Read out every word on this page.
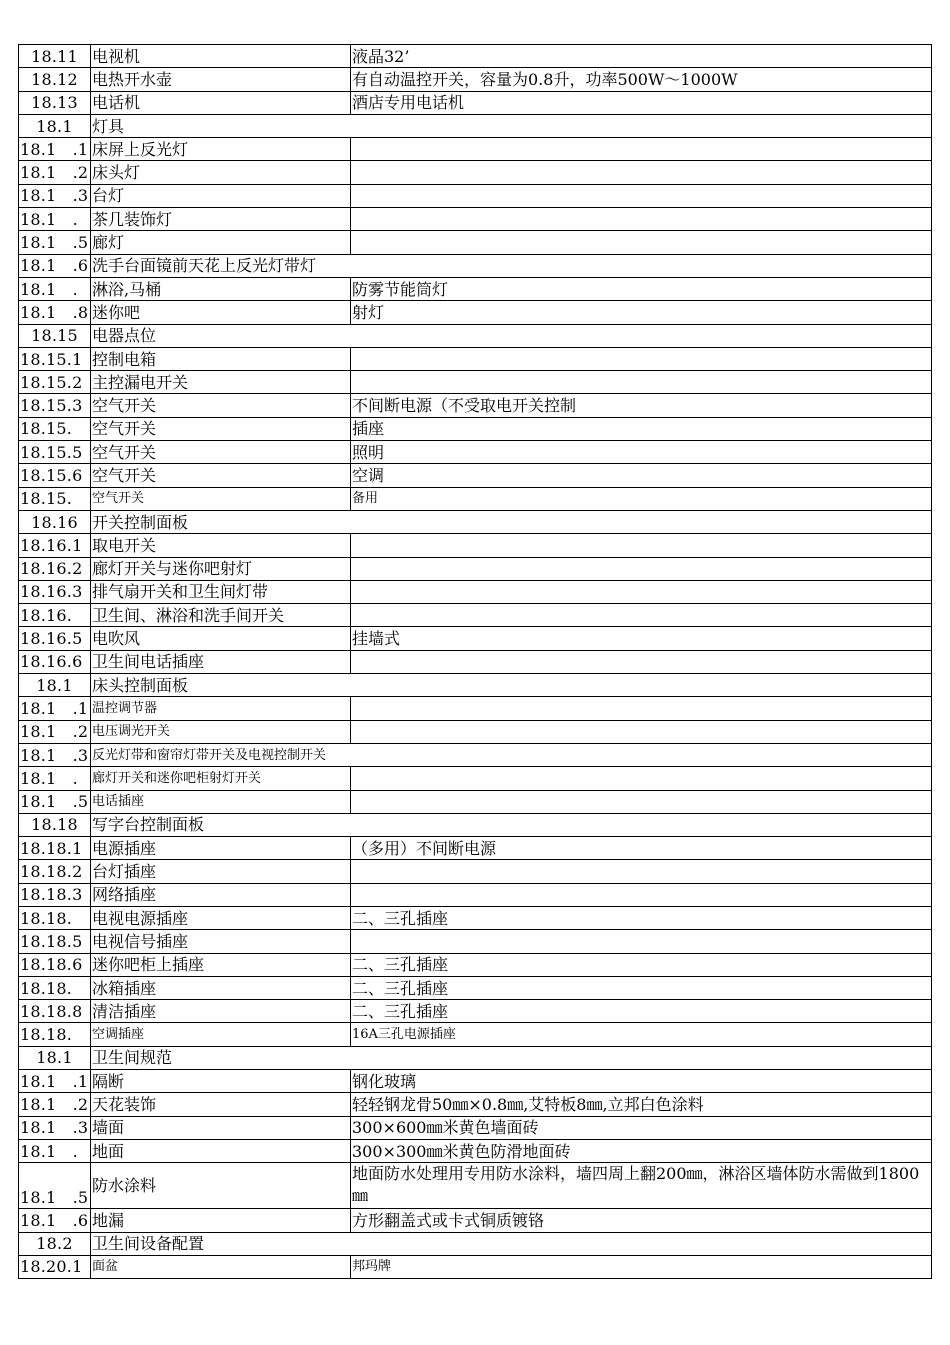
18.11	电视机	液晶32’
18.12	电热开水壶	有自动温控开关，容量为0.8升，功率500W～1000W
18.13	电话机	酒店专用电话机
18.1	灯具	
18.1　.1	床屏上反光灯	
18.1　.2	床头灯	
18.1　.3	台灯	
18.1　.	茶几装饰灯	
18.1　.5	廊灯	
18.1　.6	洗手台面镜前天花上反光灯带灯	
18.1　.	淋浴,马桶	防雾节能筒灯
18.1　.8	迷你吧	射灯
18.15	电器点位	
18.15.1	控制电箱	
18.15.2	主控漏电开关	
18.15.3	空气开关	不间断电源（不受取电开关控制
18.15.	空气开关	插座
18.15.5	空气开关	照明
18.15.6	空气开关	空调
18.15.	空气开关	备用
18.16	开关控制面板	
18.16.1	取电开关	
18.16.2	廊灯开关与迷你吧射灯	
18.16.3	排气扇开关和卫生间灯带	
18.16.	卫生间、淋浴和洗手间开关	
18.16.5	电吹风	挂墙式
18.16.6	卫生间电话插座	
18.1	床头控制面板	
18.1　.1	温控调节器	
18.1　.2	电压调光开关	
18.1　.3	反光灯带和窗帘灯带开关及电视控制开关	
18.1　.	廊灯开关和迷你吧柜射灯开关	
18.1　.5	电话插座	
18.18	写字台控制面板	
18.18.1	电源插座	（多用）不间断电源
18.18.2	台灯插座	
18.18.3	网络插座	
18.18.	电视电源插座	二、三孔插座
18.18.5	电视信号插座	
18.18.6	迷你吧柜上插座	二、三孔插座
18.18.	冰箱插座	二、三孔插座
18.18.8	清洁插座	二、三孔插座
18.18.	空调插座	16A三孔电源插座
18.1	卫生间规范	
18.1　.1	隔断	钢化玻璃
18.1　.2	天花装饰	轻轻钢龙骨50㎜×0.8㎜,艾特板8㎜,立邦白色涂料
18.1　.3	墙面	300×600㎜米黄色墙面砖
18.1　.	地面	300×300㎜米黄色防滑地面砖
18.1　.5	防水涂料	地面防水处理用专用防水涂料，墙四周上翻200㎜，淋浴区墙体防水需做到1800㎜
18.1　.6	地漏	方形翻盖式或卡式铜质镀铬
18.2	卫生间设备配置	
18.20.1	面盆	邦玛牌
